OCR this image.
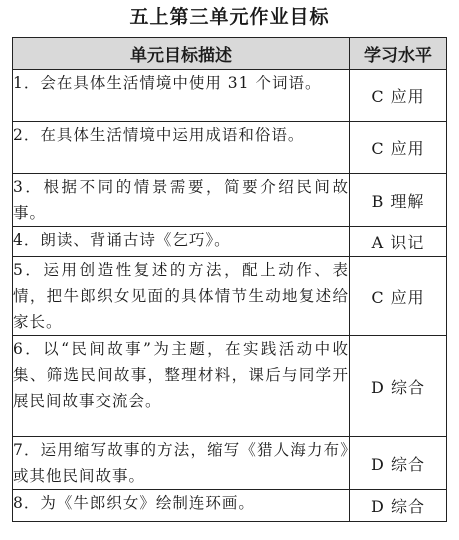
五上第三单元作业目标
单元目标描述	学习水平
1．会在具体生活情境中使用 31 个词语。	C 应用
2．在具体生活情境中运用成语和俗语。	C 应用
3．根据不同的情景需要，简要介绍民间故事。	B 理解
4．朗读、背诵古诗《乞巧》。	A 识记
5．运用创造性复述的方法，配上动作、表情，把牛郎织女见面的具体情节生动地复述给家长。	C 应用
6．以“民间故事”为主题，在实践活动中收集、筛选民间故事，整理材料，课后与同学开展民间故事交流会。	D 综合
7．运用缩写故事的方法，缩写《猎人海力布》或其他民间故事。	D 综合
8．为《牛郎织女》绘制连环画。	D 综合
